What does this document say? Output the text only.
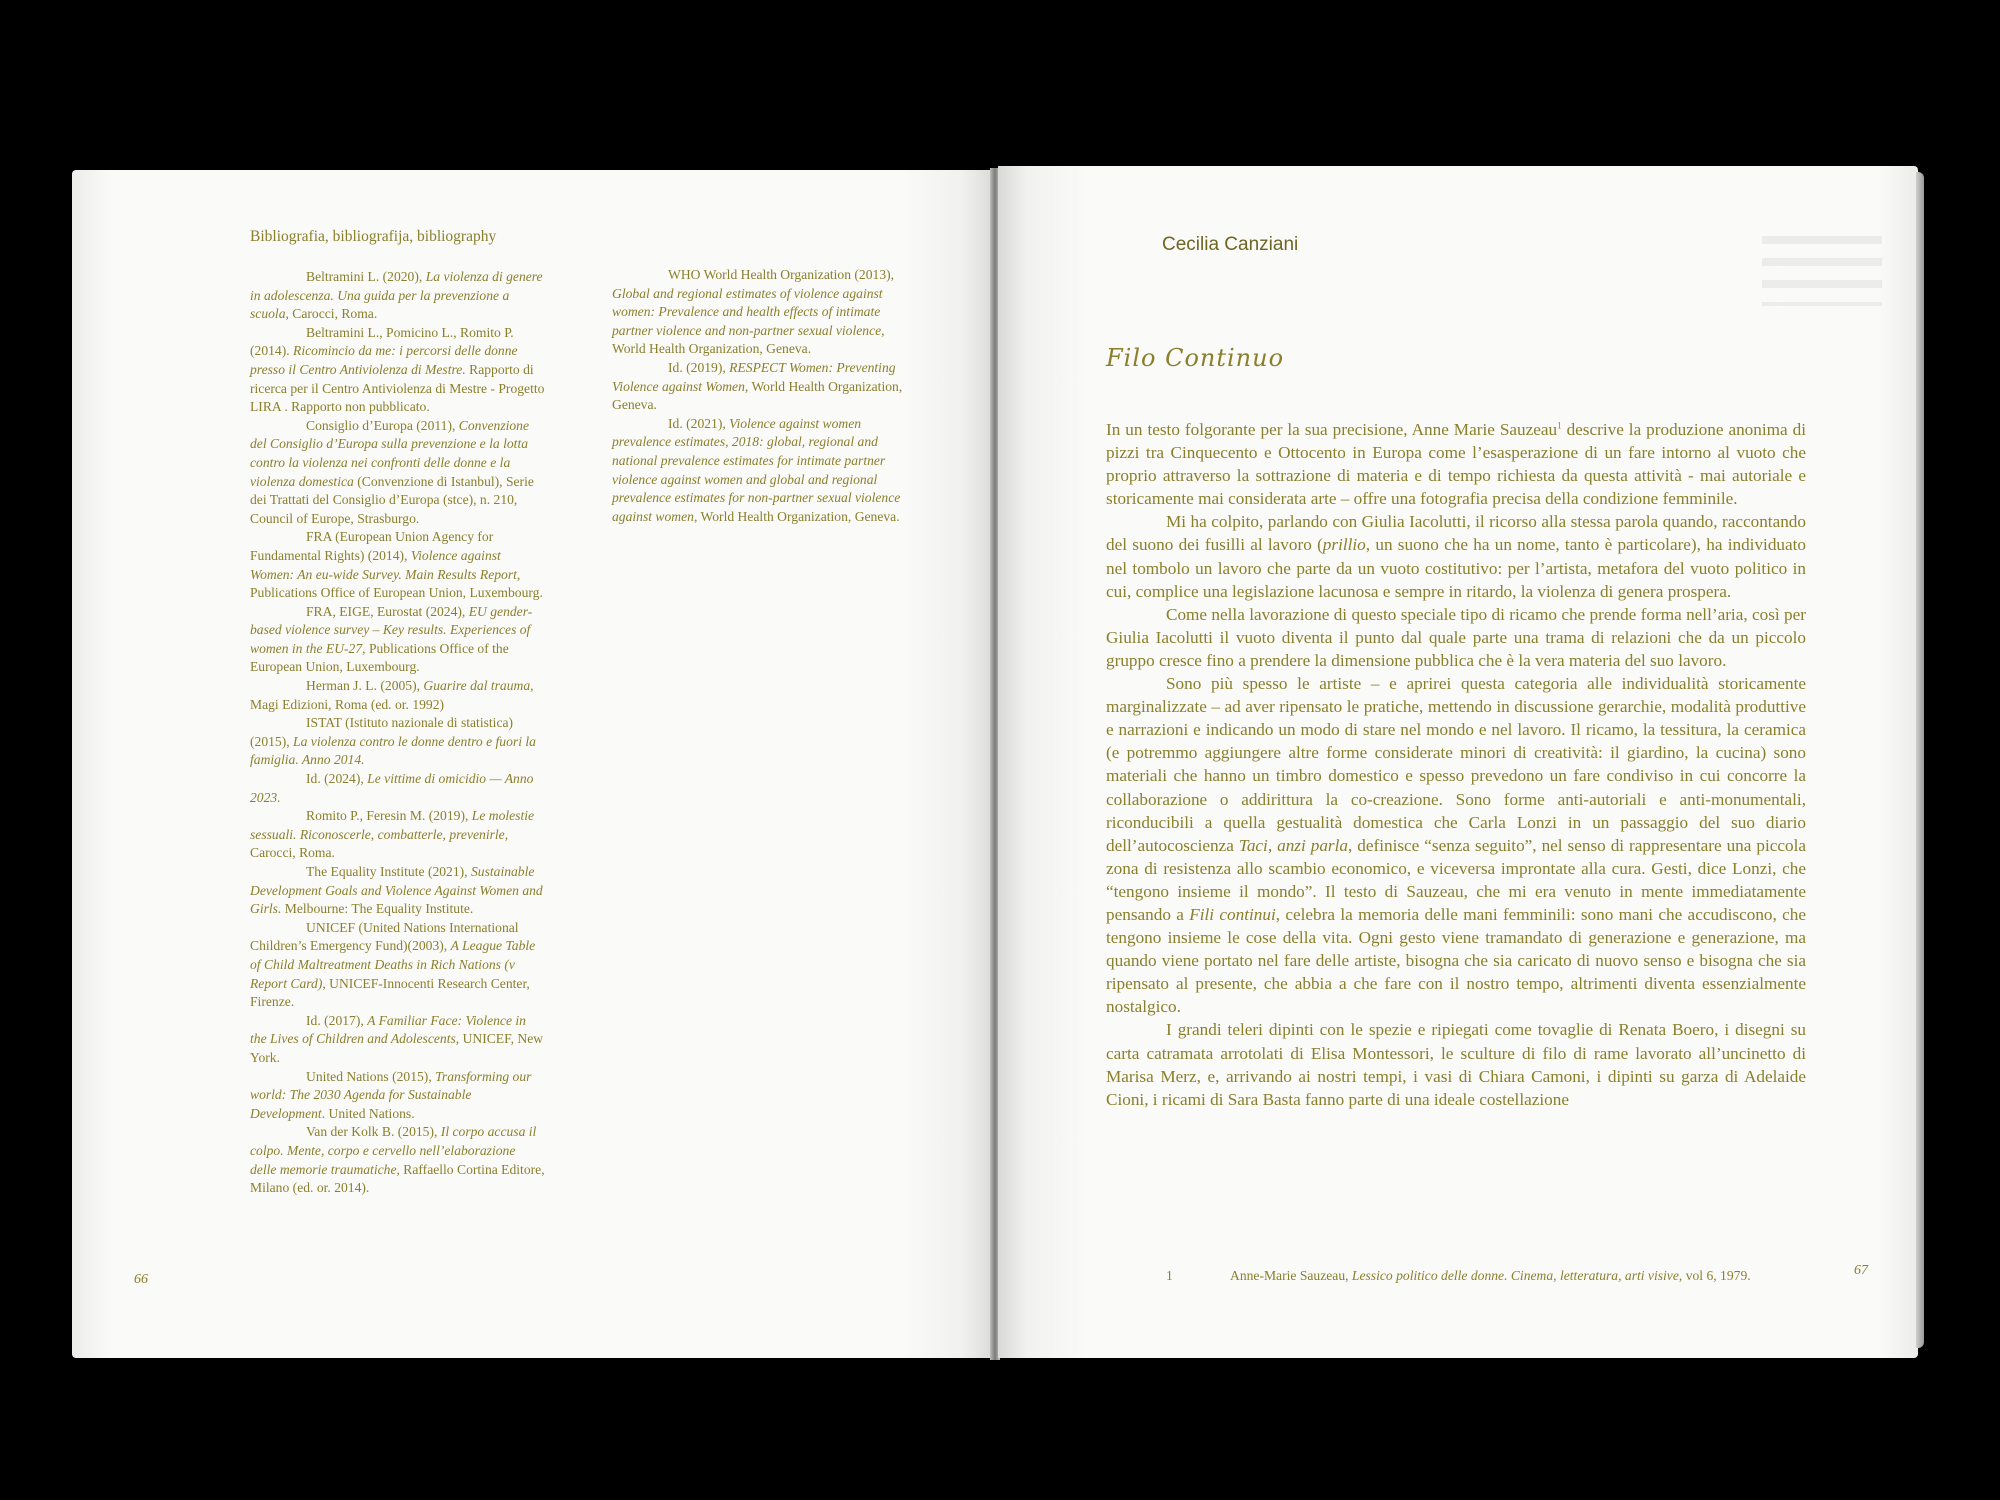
Bibliografia, bibliografija, bibliography

Beltramini L. (2020), La violenza di genere in adolescenza. Una guida per la prevenzione a scuola, Carocci, Roma.

Beltramini L., Pomicino L., Romito P. (2014). Ricomincio da me: i percorsi delle donne presso il Centro Antiviolenza di Mestre. Rapporto di ricerca per il Centro Antiviolenza di Mestre - Progetto LIRA . Rapporto non pubblicato.

Consiglio d’Europa (2011), Convenzione del Consiglio d’Europa sulla prevenzione e la lotta contro la violenza nei confronti delle donne e la violenza domestica (Convenzione di Istanbul), Serie dei Trattati del Consiglio d’Europa (stce), n. 210, Council of Europe, Strasburgo.

FRA (European Union Agency for Fundamental Rights) (2014), Violence against Women: An eu-wide Survey. Main Results Report, Publications Office of European Union, Luxembourg.

FRA, EIGE, Eurostat (2024), EU gender-based violence survey – Key results. Experiences of women in the EU-27, Publications Office of the European Union, Luxembourg.

Herman J. L. (2005), Guarire dal trauma, Magi Edizioni, Roma (ed. or. 1992)

ISTAT (Istituto nazionale di statistica) (2015), La violenza contro le donne dentro e fuori la famiglia. Anno 2014.

Id. (2024), Le vittime di omicidio — Anno 2023.

Romito P., Feresin M. (2019), Le molestie sessuali. Riconoscerle, combatterle, prevenirle, Carocci, Roma.

The Equality Institute (2021), Sustainable Development Goals and Violence Against Women and Girls. Melbourne: The Equality Institute.

UNICEF (United Nations International Children’s Emergency Fund)(2003), A League Table of Child Maltreatment Deaths in Rich Nations (v Report Card), UNICEF-Innocenti Research Center, Firenze.

Id. (2017), A Familiar Face: Violence in the Lives of Children and Adolescents, UNICEF, New York.

United Nations (2015), Transforming our world: The 2030 Agenda for Sustainable Development. United Nations.

Van der Kolk B. (2015), Il corpo accusa il colpo. Mente, corpo e cervello nell’elaborazione delle memorie traumatiche, Raffaello Cortina Editore, Milano (ed. or. 2014).

WHO World Health Organization (2013), Global and regional estimates of violence against women: Prevalence and health effects of intimate partner violence and non-partner sexual violence, World Health Organization, Geneva.

Id. (2019), RESPECT Women: Preventing Violence against Women, World Health Organization, Geneva.

Id. (2021), Violence against women prevalence estimates, 2018: global, regional and national prevalence estimates for intimate partner violence against women and global and regional prevalence estimates for non-partner sexual violence against women, World Health Organization, Geneva.

66
Cecilia Canziani
Filo Continuo

In un testo folgorante per la sua precisione, Anne Marie Sauzeau$^1$ descrive la produzione anonima di pizzi tra Cinquecento e Ottocento in Europa come l’esasperazione di un fare intorno al vuoto che proprio attraverso la sottrazione di materia e di tempo richiesta da questa attività - mai autoriale e storicamente mai considerata arte – offre una fotografia precisa della condizione femminile.

Mi ha colpito, parlando con Giulia Iacolutti, il ricorso alla stessa parola quando, raccontando del suono dei fusilli al lavoro (prillio, un suono che ha un nome, tanto è particolare), ha individuato nel tombolo un lavoro che parte da un vuoto costitutivo: per l’artista, metafora del vuoto politico in cui, complice una legislazione lacunosa e sempre in ritardo, la violenza di genera prospera.

Come nella lavorazione di questo speciale tipo di ricamo che prende forma nell’aria, così per Giulia Iacolutti il vuoto diventa il punto dal quale parte una trama di relazioni che da un piccolo gruppo cresce fino a prendere la dimensione pubblica che è la vera materia del suo lavoro.

Sono più spesso le artiste – e aprirei questa categoria alle individualità storicamente marginalizzate – ad aver ripensato le pratiche, mettendo in discussione gerarchie, modalità produttive e narrazioni e indicando un modo di stare nel mondo e nel lavoro. Il ricamo, la tessitura, la ceramica (e potremmo aggiungere altre forme considerate minori di creatività: il giardino, la cucina) sono materiali che hanno un timbro domestico e spesso prevedono un fare condiviso in cui concorre la collaborazione o addirittura la co-creazione. Sono forme anti-autoriali e anti-monumentali, riconducibili a quella gestualità domestica che Carla Lonzi in un passaggio del suo diario dell’autocoscienza Taci, anzi parla, definisce “senza seguito”, nel senso di rappresentare una piccola zona di resistenza allo scambio economico, e viceversa improntate alla cura. Gesti, dice Lonzi, che “tengono insieme il mondo”. Il testo di Sauzeau, che mi era venuto in mente immediatamente pensando a Fili continui, celebra la memoria delle mani femminili: sono mani che accudiscono, che tengono insieme le cose della vita. Ogni gesto viene tramandato di generazione e generazione, ma quando viene portato nel fare delle artiste, bisogna che sia caricato di nuovo senso e bisogna che sia ripensato al presente, che abbia a che fare con il nostro tempo, altrimenti diventa essenzialmente nostalgico.

I grandi teleri dipinti con le spezie e ripiegati come tovaglie di Renata Boero, i disegni su carta catramata arrotolati di Elisa Montessori, le sculture di filo di rame lavorato all’uncinetto di Marisa Merz, e, arrivando ai nostri tempi, i vasi di Chiara Camoni, i dipinti su garza di Adelaide Cioni, i ricami di Sara Basta fanno parte di una ideale costellazione

1	Anne-Marie Sauzeau, Lessico politico delle donne. Cinema, letteratura, arti visive, vol 6, 1979.	67
